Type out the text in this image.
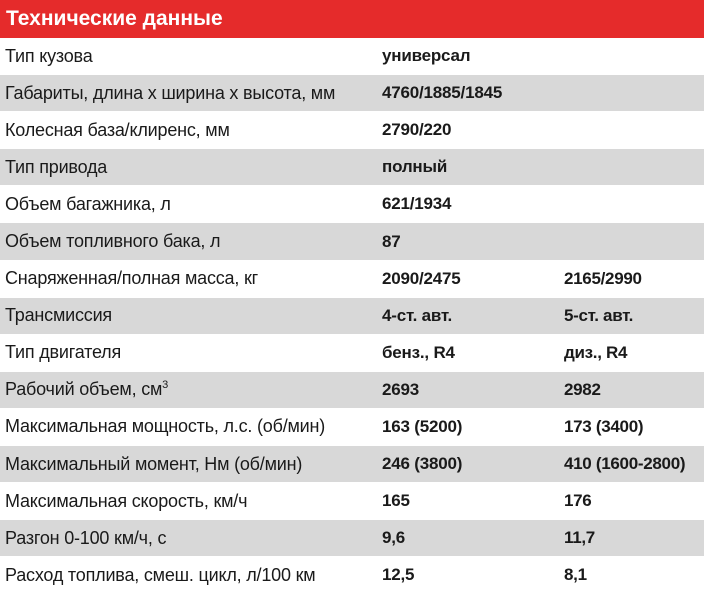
Технические данные
Тип кузова	универсал
Габариты, длина х ширина х высота, мм	4760/1885/1845
Колесная база/клиренс, мм	2790/220
Тип привода	полный
Объем багажника, л	621/1934
Объем топливного бака, л	87
Снаряженная/полная масса, кг	2090/2475	2165/2990
Трансмиссия	4-ст. авт.	5-ст. авт.
Тип двигателя	бенз., R4	диз., R4
Рабочий объем, $см^3$	2693	2982
Максимальная мощность, л.с. (об/мин)	163 (5200)	173 (3400)
Максимальный момент, Нм (об/мин)	246 (3800)	410 (1600-2800)
Максимальная скорость, км/ч	165	176
Разгон 0-100 км/ч, с	9,6	11,7
Расход топлива, смеш. цикл, л/100 км	12,5	8,1
